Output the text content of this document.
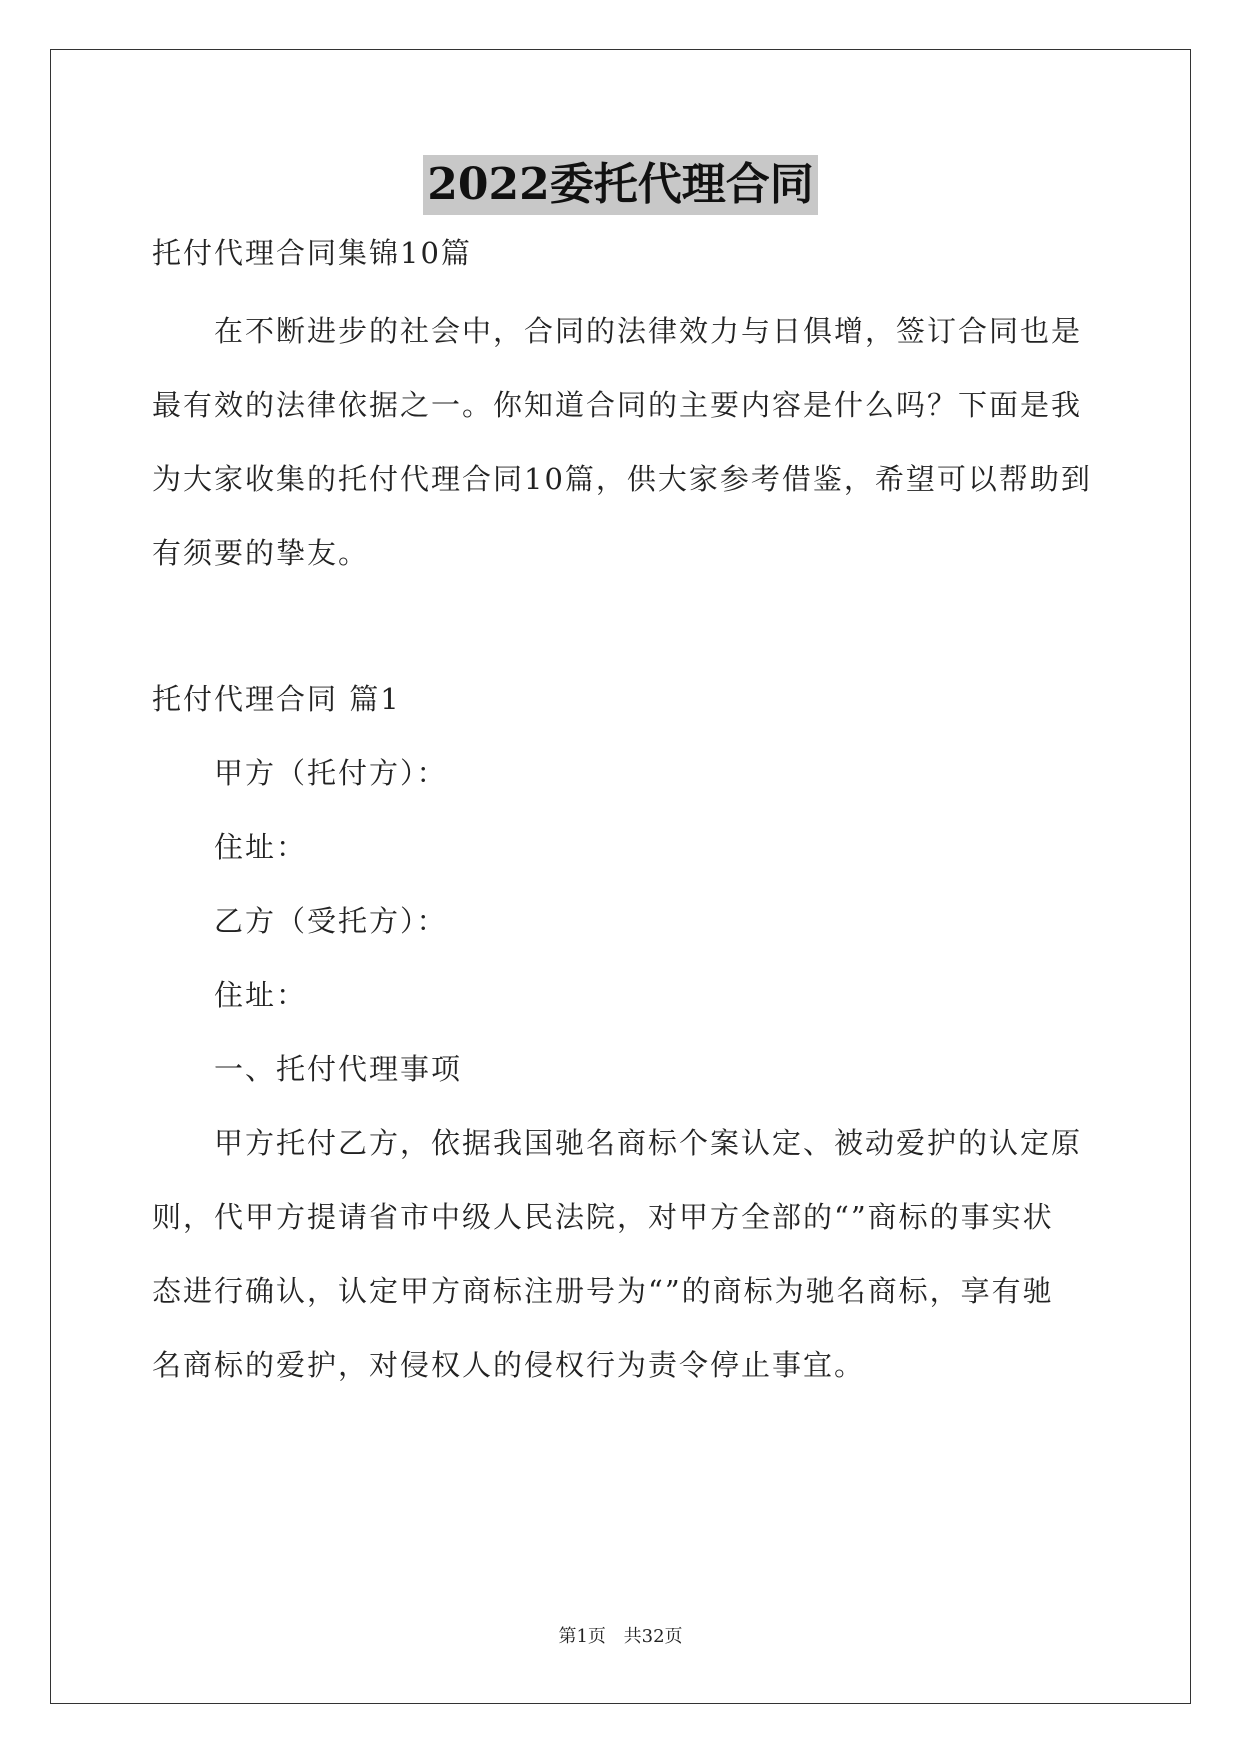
2022委托代理合同
托付代理合同集锦10篇
在不断进步的社会中，合同的法律效力与日俱增，签订合同也是
最有效的法律依据之一。你知道合同的主要内容是什么吗？下面是我
为大家收集的托付代理合同10篇，供大家参考借鉴，希望可以帮助到
有须要的挚友。
托付代理合同 篇1
甲方（托付方）：
住址：
乙方（受托方）：
住址：
一、托付代理事项
甲方托付乙方，依据我国驰名商标个案认定、被动爱护的认定原
则，代甲方提请省市中级人民法院，对甲方全部的“”商标的事实状
态进行确认，认定甲方商标注册号为“”的商标为驰名商标，享有驰
名商标的爱护，对侵权人的侵权行为责令停止事宜。
第1页 共32页
